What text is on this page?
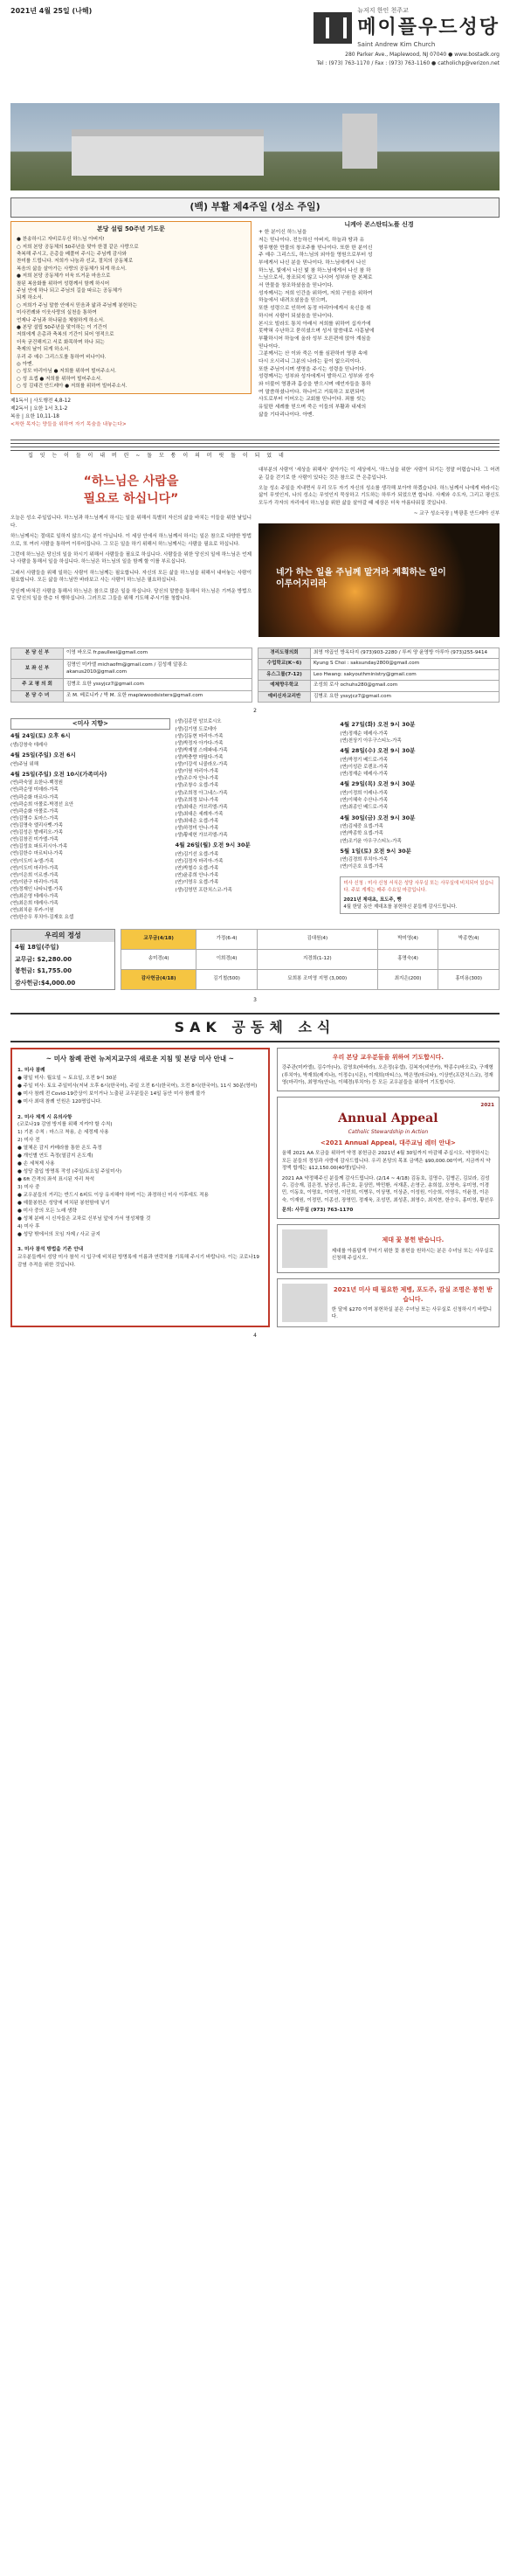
2021년 4월 25일 (나해)	뉴저지 한인 천주교
메이플우드성당
Saint Andrew Kim Church
280 Parker Ave., Maplewood, NJ 07040 ● www.bostadk.org
Tel : (973) 763-1170 / Fax : (973) 763-1160 ● catholichp@verizon.net
(백) 부활 제4주일 (성소 주일)
본당 설립 50주년 기도문
● 찬송하시고 자비로우신 하느님 아버지!
○ 저희 본당 공동체의 50주년을 맞아 한결 같은 사랑으로
축복해 주시고, 은총을 베풀어 주시는 주님께 감사와
찬미를 드립니다. 저희가 나눔과 선교, 절치의 공동체로
복음의 삶을 살아가는 사랑의 공동체가 되게 하소서.
● 저희 본당 공동체가 더욱 뜨거운 마음으로
참된 복음화를 위하여 성령께서 함께 하시어
주님 안에 하나 되고 주님의 길을 따르는 공동체가
되게 하소서.
○ 저희가 주님 말씀 안에서 믿음과 앎과 주님께 봉헌하는
미사전례와 이웃사랑의 실천을 통하여
언제나 주님과 하나됨을 체험하게 하소서.
● 본당 설립 50주년을 맞이하는 이 기간이
저희에게 은총과 축복의 기간이 되어 영적으로
더욱 굳건해지고 서로 화목하며 하나 되는
축제의 날이 되게 하소서.
우리 주 예수 그리스도를 통하여 비나이다.
◎ 아멘.
○ 성모 마리아님 ● 저희를 위하여 빌어주소서.
○ 성 요셉 ● 저희를 위하여 빌어주소서.
○ 성 김대건 안드레아 ● 저희를 위하여 빌어주소서.
제1독서 | 사도행전 4,8-12
제2독서 | 요한 1서 3,1-2
복음 | 요한 10,11-18
<착한 목자는 양들을 위하여 자기 목숨을 내놓는다>
니케아 콘스탄티노플 신경
+ 한 분이신 하느님을
저는 믿나이다. 전능하신 아버지, 하늘과 땅과 유
형무형한 만물의 창조주를 믿나이다. 또한 한 분이신
주 예수 그리스도, 하느님의 외아들 영원으로부터 성
부에게서 나신 분을 믿나이다. 하느님에게서 나신
하느님, 빛에서 나신 빛 참 하느님에게서 나신 참 하
느님으로서, 창조되지 않고 나시어 성부와 한 본체로
서 만물을 창조하셨음을 믿나이다.
성자께서는 저희 인간을 위하여, 저희 구원을 위하여
하늘에서 내려오셨음을 믿으며,
또한 성령으로 인하여 동정 마리아에게서 육신을 취
하시어 사람이 되셨음을 믿나이다.
본시오 빌라도 통치 아래서 저희를 위하여 십자가에
못박혀 수난하고 묻히셨으며 성서 말씀대로 사흗날에
부활하시어 하늘에 올라 성부 오른편에 앉아 계심을
믿나이다.
그분께서는 산 이와 죽은 이를 심판하러 영광 속에
다시 오시리니 그분의 나라는 끝이 없으리이다.
또한 주님이시며 생명을 주시는 성령을 믿나이다.
성령께서는 성부와 성자에게서 발하시고 성부와 성자
와 더불어 영광과 흠숭을 받으시며 예언자들을 통하
여 말씀하셨나이다. 하나이고 거룩하고 보편되며
사도로부터 이어오는 교회를 믿나이다. 죄를 씻는
유일한 세례를 믿으며 죽은 이들의 부활과 내세의
삶을 기다리나이다. 아멘.
집 잇 는 이 들 이 내 버 린 ~ 돌 모 퉁 이 의 머 릿 돌 이 되 었 네
“하느님은 사람을
필요로 하십니다”
오늘은 성소 주일입니다. 하느님과 하느님께서 하시는 일을 위해서 특별히 자신의 삶을 바치는 이들을 위한 날입니다.
하느님께서는 절대로 일하지 않으시는 분이 아닙니다. 이 세상 안에서 하느님께서 하시는 일은 참으로 다양한 방법으로, 또 여러 사람을 통하여 이루어집니다. 그 모든 일을 하기 위해서 하느님께서는 사람을 필요로 하십니다.
그런데 하느님은 당신의 일을 하시기 위해서 사람들을 필요로 하십니다. 사람들을 위한 당신의 일에 하느님은 언제나 사람을 통해서 일을 하십니다. 하느님은 하느님의 일을 함께 할 이를 부르십니다.
그래서 사람들을 위해 일하는 사람이 하느님께는 필요합니다. 자신의 모든 삶을 하느님을 위해서 내어놓는 사람이 필요합니다. 모든 삶을 하느님만 바라보고 사는 사람이 하느님은 필요하십니다.
당신께 바쳐진 사람을 통해서 하느님은 참으로 많은 일을 하십니다. 당신의 말씀을 통해서 하느님은 기꺼운 방법으로 당신의 일을 한층 더 행하십니다. 그러므로 그들을 위해 기도해 주시기를 청합니다.
대부분의 사람이 '세상을 위해서' 살아가는 이 세상에서, '하느님을 위한' 사람이 되기는 정말 어렵습니다. 그 어려운 길을 걷기로 한 사람이 있다는 것은 참으로 큰 은총입니다.
오늘 성소 주일을 지내면서 우리 모두 자기 자신의 성소를 생각해 보아야 하겠습니다. 하느님께서 나에게 바라시는 삶이 무엇인지, 나의 성소는 무엇인지 묵상하고 기도하는 하루가 되었으면 합니다. 사제와 수도자, 그리고 평신도 모두가 각자의 자리에서 하느님을 위한 삶을 살아갈 때 세상은 더욱 아름다워질 것입니다.
~ 교구 성소국장 | 박광훈 안드레아 신부
네가 하는 일을 주님께 맡겨라 계획하는 일이 이루어지리라
본 당 신 부	이영 바오로 fr.paulleei@gmail.com
보 좌 신 부	김명인 미카엘 michaofm@gmail.com / 김성재 알퐁소 akanus2010@gmail.com
주 교 평 의 회	김병조 요한 yssyjcz7@gmail.com
본 당 수 녀	조 M. 베로니카 / 박 M. 요한 maplewoodsisters@gmail.com
경리도령의회	최영 야곱인 방옥다지 (973)903-2280 / 루씨 양 윤영방 아루아 (973)255-9414
수업학교(K~6)	Kyung S Choi : saksunday2800@gmail.com
유스그룹(7-12)	Leo Hwang: sakyouthministry@gmail.com
예체향우학교	조성희 로사 ochuhs280@gmail.com
예비신자교리반	김병조 요한 yssyjcz7@gmail.com
2
<미사 지향>
4월 24일(토) 오후 6시
(생)강창숙 데레사
4월 25일(주일) 오전 6시
(연)주님 위해
4월 25일(주일) 오전 10시(가족미사)
(연)곽숙열 요한나-백정원
(연)곽순영 미데라-가족
(연)곽순화 마르다-가족
(연)곽순희 아폴로-박경선 요안
(연)곽순화 아폴로-가족
(연)김명수 토마스-가족
(연)김명숙 엘리사벳-가족
(연)김성은 발레리오-가족
(연)김창진 미가엘-가족
(연)김성호 파트리시아-가족
(연)김한수 마르티나-가족
(연)이도미 누엘-가족
(연)이도미 마리아-가족
(연)이은희 이르겐-가족
(연)이완구 마리아-가족
(연)정재인 나타니엘-가족
(연)최은영 테레사-가족
(연)최은희 데레사-가족
(연)최치윤 루카-이원
(연)한승우 루치아-김재호 요셉
(생)김종민 암브로시오
(생)김기영 도로테아
(생)김동현 마리아-가족
(생)박정자 아가다-가족
(생)박재열 스데파네-가족
(생)박충향 마틸다-가족
(생)이강석 니콜라오-가족
(생)이원 마리아-가족
(생)조수자 안나-가족
(생)조창수 요셉-가족
(생)조희정 아그네스-가족
(생)조희정 보나-가족
(생)최대은 가브리엘-가족
(생)최대은 세례자-가족
(생)최대은 요셉-가족
(생)하정미 안나-가족
(생)황세헌 가브리엘-가족
4월 26일(월) 오전 9시 30분
(연)김기선 요셉-가족
(연)김정자 마리아-가족
(연)박철수 요셉-가족
(연)윤종희 안나-가족
(연)이영우 요셉-가족
(생)김영민 프란치스코-가족
4월 27일(화) 오전 9시 30분
(연)정재순 데레사-가족
(연)천상기 아우구스티노-가족
4월 28일(수) 오전 9시 30분
(연)박정기 베드로-가족
(연)이성관 로렌조-가족
(연)정재순 데레사-가족
4월 29일(목) 오전 9시 30분
(연)이정희 이레나-가족
(연)이혜숙 수산나-가족
(연)최종인 베드로-가족
4월 30일(금) 오전 9시 30분
(연)김세중 요셉-가족
(연)박종학 요셉-가족
(연)조기윤 아우구스티노-가족
5월 1일(토) 오전 9시 30분
(연)김경희 루치아-가족
(연)이은호 요셉-가족
미사 신청 : 미사 신청 서식은 성당 사무실 또는 사무실에 비치되어 있습니다. 주보 게재는 매주 수요일 마감입니다.
2021년 제대초, 묘도주, 빵
4월 한달 동안 제대초를 봉헌하신 분들께 감사드립니다.
우리의 정성
4월 18일(주일)
교무금: $2,280.00
봉헌금: $1,755.00
감사헌금:$4,000.00
교무금(4/18)	가정(6-4)	김대원(4)	박미영(4)	박종현(4)
송미경(4)	이희경(4)	지경희(1-12)	홍명숙(4)	
감사헌금(4/18)	김기철(500)	묘희봉 조미영 지명 (3,000)	최지은(200)	홍미용(300)
3
SAK 공동체 소식
~ 미사 참례 관련 뉴저지교구의 새로운 지침 및 본당 미사 안내 ~
1. 미사 참례
● 평일 미사: 월요일 ~ 토요일, 오전 9시 30분
● 주일 미사: 토요 주일미사(저녁 오후 6시(한국어), 주일 오전 6시(한국어), 오전 8시(한국어), 11시 30분(영어)
● 미사 참례 전 Covid-19증상이 보이거나 노출된 교우분들은 14일 동안 미사 참례 불가
● 미사 최대 참례 인원은 120명입니다.

2. 미사 제게 시 유의사항
(코로나19 감염 방지를 위해 지켜야 할 수칙)
1) 기본 수칙 : 마스크 착용, 손 세정제 사용
2) 미사 전
● 열체온 감지 카메라를 통한 온도 측정
● 개인별 연도 측정(열감지 온도계)
● 손 세척제 사용
● 성당 출입 방명록 작성 (주일/토요일 주일미사)
● 6ft 간격의 좌석 표시된 자리 착석
3) 미사 중
● 교우분들의 거리는 반드시 6피트 이상 유지해야 하며 이는 좌정하신 미사 이후에도 적용
● 예물봉헌은 성당에 비치된 봉헌함에 넣기
● 미사 중의 모든 노래 생략
● 성체 분배 시 신자들은 교차로 신부님 앞에 가서 영성체할 것
4) 미사 후
● 성당 밖에서의 모임 자제 / 사교 금지

3. 미사 참석 방법을 기존 안내
교우분들께서 성당 미사 참석 시 입구에 비치된 방명록에 이름과 연락처를 기록해 주시기 바랍니다. 이는 코로나19 감염 추적을 위한 것입니다.
우리 본당 교우분들을 위하여 기도합시다.
강주관(미카엘), 김수아(나), 김영호(바바라), 오은정(유셉), 김복자(비안카), 박종수(바오로), 구재형(루치아), 박재희(레지나), 이정수(시몬), 이재희(마티스), 박은영(마르타), 이상빈(프란치스코), 정재영(마리아), 최명자(안나), 이혜경(루치아) 등 모든 교우분들을 위하여 기도합시다.
2021
Annual Appeal
Catholic Stewardship in Action
<2021 Annual Appeal, 대주교님 레터 안내>
올해 2021 AA 모금을 위하여 약정 봉헌금은 2021년 4월 30일까지 마감해 주십시오. 약정하시는 모든 분들의 정성과 사랑에 감사드립니다. 우리 본당의 목표 금액은 $90,000.00이며, 지금까지 약정액 합계는 $12,150.00(40명)입니다.
2021 AA 약정해주신 분들께 감사드립니다. (2/14 ~ 4/18) 김동호, 김명수, 김병곤, 김보라, 김성수, 김승재, 김은정, 남궁선, 류근호, 문상민, 박민환, 서재훈, 손영군, 송희섭, 오명숙, 유미영, 이경민, 이동호, 이명호, 이미영, 이민희, 이병우, 이상명, 이상준, 이성원, 이승희, 이영우, 이윤정, 이은숙, 이재원, 이정민, 이종선, 장영민, 정재욱, 조성민, 최성훈, 최영수, 최지현, 한승우, 홍미영, 황선우
문의: 사무실 (973) 763-1170
제대 꽃 봉헌 받습니다.
제대를 아름답게 꾸미기 위한 꽃 봉헌을 원하시는 분은 수녀님 또는 사무실로 신청해 주십시오.
2021년 미사 때 필요한 제병, 포도주, 감실 조명은 봉헌 받습니다.
한 달에 $270 이며 봉헌하실 분은 수녀님 또는 사무실로 신청하시기 바랍니다.
4
